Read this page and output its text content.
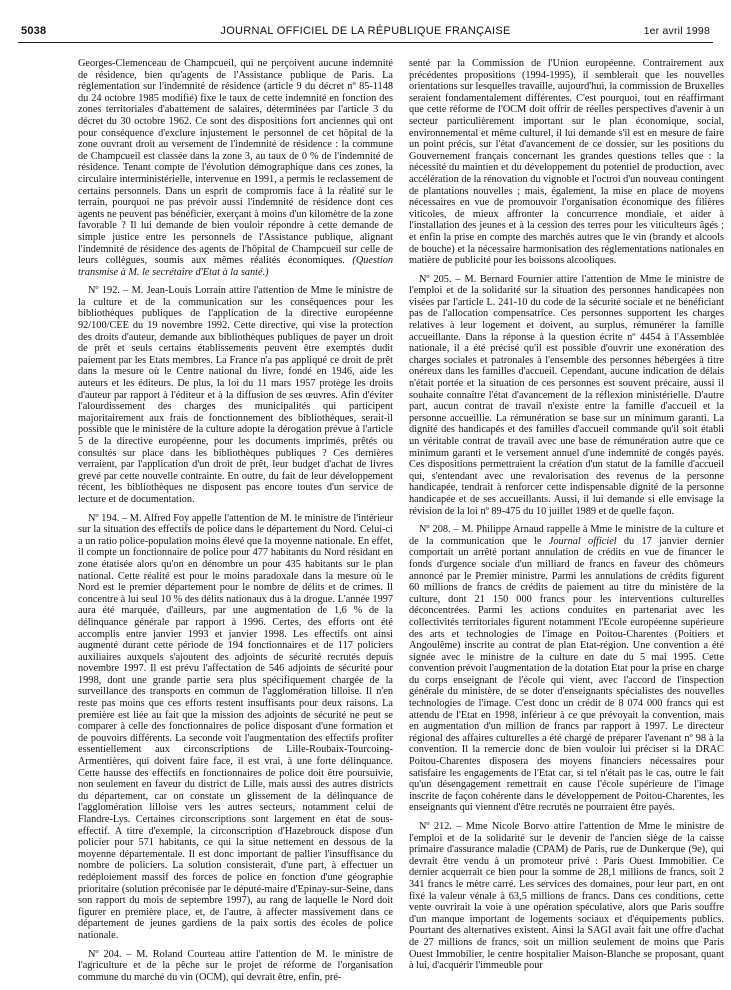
5038	JOURNAL OFFICIEL DE LA RÉPUBLIQUE FRANÇAISE	1er avril 1998

Georges-Clemenceau de Champcueil, qui ne perçoivent aucune indemnité de résidence, bien qu'agents de l'Assistance publique de Paris. La réglementation sur l'indemnité de résidence (article 9 du décret nº 85-1148 du 24 octobre 1985 modifié) fixe le taux de cette indemnité en fonction des zones territoriales d'abattement de salaires, déterminées par l'article 3 du décret du 30 octobre 1962. Ce sont des dispositions fort anciennes qui ont pour conséquence d'exclure injustement le personnel de cet hôpital de la zone ouvrant droit au versement de l'indemnité de résidence : la commune de Champcueil est classée dans la zone 3, au taux de 0 % de l'indemnité de résidence. Tenant compte de l'évolution démographique dans ces zones, la circulaire interministérielle, intervenue en 1991, a permis le reclassement de certains personnels. Dans un esprit de compromis face à la réalité sur le terrain, pourquoi ne pas prévoir aussi l'indemnité de résidence dont ces agents ne peuvent pas bénéficier, exerçant à moins d'un kilomètre de la zone favorable ? Il lui demande de bien vouloir répondre à cette demande de simple justice entre les personnels de l'Assistance publique, alignant l'indemnité de résidence des agents de l'hôpital de Champcueil sur celle de leurs collègues, soumis aux mêmes réalités économiques. (Question transmise à M. le secrétaire d'Etat à la santé.)

Nº 192. – M. Jean-Louis Lorrain attire l'attention de Mme le ministre de la culture et de la communication sur les conséquences pour les bibliothèques publiques de l'application de la directive européenne 92/100/CEE du 19 novembre 1992. Cette directive, qui vise la protection des droits d'auteur, demande aux bibliothèques publiques de payer un droit de prêt et seuls certains établissements peuvent être exemptés dudit paiement par les Etats membres. La France n'a pas appliqué ce droit de prêt dans la mesure où le Centre national du livre, fondé en 1946, aide les auteurs et les éditeurs. De plus, la loi du 11 mars 1957 protège les droits d'auteur par rapport à l'éditeur et à la diffusion de ses œuvres. Afin d'éviter l'alourdissement des charges des municipalités qui participent majoritairement aux frais de fonctionnement des bibliothèques, serait-il possible que le ministère de la culture adopte la dérogation prévue à l'article 5 de la directive européenne, pour les documents imprimés, prêtés ou consultés sur place dans les bibliothèques publiques ? Ces dernières verraient, par l'application d'un droit de prêt, leur budget d'achat de livres grevé par cette nouvelle contrainte. En outre, du fait de leur développement récent, les bibliothèques ne disposent pas encore toutes d'un service de lecture et de documentation.

Nº 194. – M. Alfred Foy appelle l'attention de M. le ministre de l'intérieur sur la situation des effectifs de police dans le département du Nord. Celui-ci a un ratio police-population moins élevé que la moyenne nationale. En effet, il compte un fonctionnaire de police pour 477 habitants du Nord résidant en zone étatisée alors qu'on en dénombre un pour 435 habitants sur le plan national. Cette réalité est pour le moins paradoxale dans la mesure où le Nord est le premier département pour le nombre de délits et de crimes. Il concentre à lui seul 10 % des délits nationaux dus à la drogue. L'année 1997 aura été marquée, d'ailleurs, par une augmentation de 1,6 % de la délinquance générale par rapport à 1996. Certes, des efforts ont été accomplis entre janvier 1993 et janvier 1998. Les effectifs ont ainsi augmenté durant cette période de 194 fonctionnaires et de 117 policiers auxiliaires auxquels s'ajoutent des adjoints de sécurité recrutés depuis novembre 1997. Il est prévu l'affectation de 546 adjoints de sécurité pour 1998, dont une grande partie sera plus spécifiquement chargée de la surveillance des transports en commun de l'agglomération lilloise. Il n'en reste pas moins que ces efforts restent insuffisants pour deux raisons. La première est liée au fait que la mission des adjoints de sécurité ne peut se comparer à celle des fonctionnaires de police disposant d'une formation et de pouvoirs différents. La seconde voit l'augmentation des effectifs profiter essentiellement aux circonscriptions de Lille-Roubaix-Tourcoing-Armentières, qui doivent faire face, il est vrai, à une forte délinquance. Cette hausse des effectifs en fonctionnaires de police doit être poursuivie, non seulement en faveur du district de Lille, mais aussi des autres districts du département, car on constate un glissement de la délinquance de l'agglomération lilloise vers les autres secteurs, notamment celui de Flandre-Lys. Certaines circonscriptions sont largement en état de sous-effectif. A titre d'exemple, la circonscription d'Hazebrouck dispose d'un policier pour 571 habitants, ce qui la situe nettement en dessous de la moyenne départementale. Il est donc important de pallier l'insuffisance du nombre de policiers. La solution consisterait, d'une part, à effectuer un redéploiement massif des forces de police en fonction d'une géographie prioritaire (solution préconisée par le député-maire d'Epinay-sur-Seine, dans son rapport du mois de septembre 1997), au rang de laquelle le Nord doit figurer en première place, et, de l'autre, à affecter massivement dans ce département de jeunes gardiens de la paix sortis des écoles de police nationale.

Nº 204. – M. Roland Courteau attire l'attention de M. le ministre de l'agriculture et de la pêche sur le projet de réforme de l'organisation commune du marché du vin (OCM), qui devrait être, enfin, pré-

senté par la Commission de l'Union européenne. Contrairement aux précédentes propositions (1994-1995), il semblerait que les nouvelles orientations sur lesquelles travaille, aujourd'hui, la commission de Bruxelles seraient fondamentalement différentes. C'est pourquoi, tout en réaffirmant que cette réforme de l'OCM doit offrir de réelles perspectives d'avenir à un secteur particulièrement important sur le plan économique, social, environnemental et même culturel, il lui demande s'il est en mesure de faire un point précis, sur l'état d'avancement de ce dossier, sur les positions du Gouvernement français concernant les grandes questions telles que : la nécessité du maintien et du développement du potentiel de production, avec accélération de la rénovation du vignoble et l'octroi d'un nouveau contingent de plantations nouvelles ; mais, également, la mise en place de moyens nécessaires en vue de promouvoir l'organisation économique des filières viticoles, de mieux affronter la concurrence mondiale, et aider à l'installation des jeunes et à la cession des terres pour les viticulteurs âgés ; et enfin la prise en compte des marchés autres que le vin (brandy et alcools de bouche) et la nécessaire harmonisation des réglementations nationales en matière de publicité pour les boissons alcooliques.

Nº 205. – M. Bernard Fournier attire l'attention de Mme le ministre de l'emploi et de la solidarité sur la situation des personnes handicapées non visées par l'article L. 241-10 du code de la sécurité sociale et ne bénéficiant pas de l'allocation compensatrice. Ces personnes supportent les charges relatives à leur logement et doivent, au surplus, rémunérer la famille accueillante. Dans la réponse à la question écrite nº 4454 à l'Assemblée nationale, il a été précisé qu'il est possible d'ouvrir une exonération des charges sociales et patronales à l'ensemble des personnes hébergées à titre onéreux dans les familles d'accueil. Cependant, aucune indication de délais n'était portée et la situation de ces personnes est souvent précaire, aussi il souhaite connaître l'état d'avancement de la réflexion ministérielle. D'autre part, aucun contrat de travail n'existe entre la famille d'accueil et la personne accueillie. La rémunération se base sur un minimum garanti. La dignité des handicapés et des familles d'accueil commande qu'il soit établi un véritable contrat de travail avec une base de rémunération autre que ce minimum garanti et le versement annuel d'une indemnité de congés payés. Ces dispositions permettraient la création d'un statut de la famille d'accueil qui, s'entendant avec une revalorisation des revenus de la personne handicapée, tendrait à renforcer cette indispensable dignité de la personne handicapée et de ses accueillants. Aussi, il lui demande si elle envisage la révision de la loi nº 89-475 du 10 juillet 1989 et de quelle façon.

Nº 208. – M. Philippe Arnaud rappelle à Mme le ministre de la culture et de la communication que le Journal officiel du 17 janvier dernier comportait un arrêté portant annulation de crédits en vue de financer le fonds d'urgence sociale d'un milliard de francs en faveur des chômeurs annoncé par le Premier ministre. Parmi les annulations de crédits figurent 60 millions de francs de crédits de paiement au titre du ministère de la culture, dont 21 150 000 francs pour les interventions culturelles déconcentrées. Parmi les actions conduites en partenariat avec les collectivités territoriales figurent notamment l'Ecole européenne supérieure des arts et technologies de l'image en Poitou-Charentes (Poitiers et Angoulême) inscrite au contrat de plan Etat-région. Une convention a été signée avec le ministre de la culture en date du 5 mai 1995. Cette convention prévoit l'augmentation de la dotation Etat pour la prise en charge du corps enseignant de l'école qui vient, avec l'accord de l'inspection générale du ministère, de se doter d'enseignants spécialistes des nouvelles technologies de l'image. C'est donc un crédit de 8 074 000 francs qui est attendu de l'Etat en 1998, inférieur à ce que prévoyait la convention, mais en augmentation d'un million de francs par rapport à 1997. Le directeur régional des affaires culturelles a été chargé de préparer l'avenant nº 98 à la convention. Il la remercie donc de bien vouloir lui préciser si la DRAC Poitou-Charentes disposera des moyens financiers nécessaires pour satisfaire les engagements de l'Etat car, si tel n'était pas le cas, outre le fait qu'un désengagement remettrait en cause l'école supérieure de l'image inscrite de façon cohérente dans le développement de Poitou-Charentes, les enseignants qui viennent d'être recrutés ne pourraient être payés.

Nº 212. – Mme Nicole Borvo attire l'attention de Mme le ministre de l'emploi et de la solidarité sur le devenir de l'ancien siège de la caisse primaire d'assurance maladie (CPAM) de Paris, rue de Dunkerque (9e), qui devrait être vendu à un promoteur privé : Paris Ouest Immobilier. Ce dernier acquerrait ce bien pour la somme de 28,1 millions de francs, soit 2 341 francs le mètre carré. Les services des domaines, pour leur part, en ont fixé la valeur vénale à 63,5 millions de francs. Dans ces conditions, cette vente ouvrirait la voie à une opération spéculative, alors que Paris souffre d'un manque important de logements sociaux et d'équipements publics. Pourtant des alternatives existent. Ainsi la SAGI avait fait une offre d'achat de 27 millions de francs, soit un million seulement de moins que Paris Ouest Immobilier, le centre hospitalier Maison-Blanche se proposant, quant à lui, d'acquérir l'immeuble pour
